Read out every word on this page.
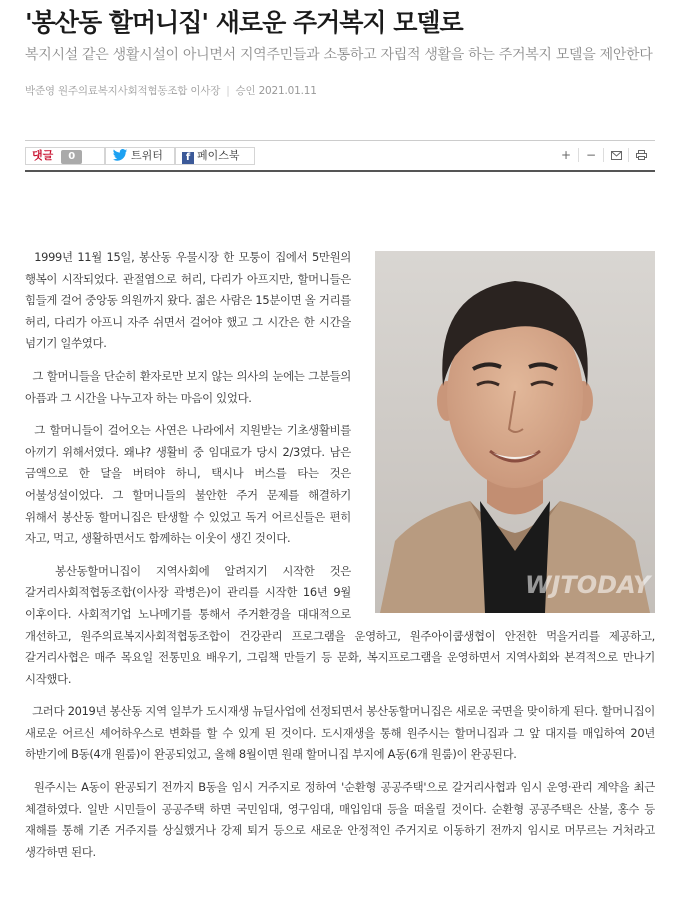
'봉산동 할머니집' 새로운 주거복지 모델로
복지시설 같은 생활시설이 아니면서 지역주민들과 소통하고 자립적 생활을 하는 주거복지 모델을 제안한다
박준영 원주의료복지사회적협동조합 이사장 | 승인 2021.01.11
댓글 0	트위터	f 페이스북	+ −
WJTODAY

1999년 11월 15일, 봉산동 우물시장 한 모퉁이 집에서 5만원의 행복이 시작되었다. 관절염으로 허리, 다리가 아프지만, 할머니들은 힘들게 걸어 중앙동 의원까지 왔다. 젊은 사람은 15분이면 올 거리를 허리, 다리가 아프니 자주 쉬면서 걸어야 했고 그 시간은 한 시간을 넘기기 일쑤였다.

그 할머니들을 단순히 환자로만 보지 않는 의사의 눈에는 그분들의 아픔과 그 시간을 나누고자 하는 마음이 있었다.

그 할머니들이 걸어오는 사연은 나라에서 지원받는 기초생활비를 아끼기 위해서였다. 왜냐? 생활비 중 임대료가 당시 2/3였다. 남은 금액으로 한 달을 버텨야 하니, 택시나 버스를 타는 것은 어불성설이었다. 그 할머니들의 불안한 주거 문제를 해결하기 위해서 봉산동 할머니집은 탄생할 수 있었고 독거 어르신들은 편히 자고, 먹고, 생활하면서도 함께하는 이웃이 생긴 것이다.

봉산동할머니집이 지역사회에 알려지기 시작한 것은 갈거리사회적협동조합(이사장 곽병은)이 관리를 시작한 16년 9월 이후이다. 사회적기업 노나메기를 통해서 주거환경을 대대적으로 개선하고, 원주의료복지사회적협동조합이 건강관리 프로그램을 운영하고, 원주아이쿱생협이 안전한 먹을거리를 제공하고, 갈거리사협은 매주 목요일 전통민요 배우기, 그림책 만들기 등 문화, 복지프로그램을 운영하면서 지역사회와 본격적으로 만나기 시작했다.

그러다 2019년 봉산동 지역 일부가 도시재생 뉴딜사업에 선정되면서 봉산동할머니집은 새로운 국면을 맞이하게 된다. 할머니집이 새로운 어르신 셰어하우스로 변화를 할 수 있게 된 것이다. 도시재생을 통해 원주시는 할머니집과 그 앞 대지를 매입하여 20년 하반기에 B동(4개 원룸)이 완공되었고, 올해 8월이면 원래 할머니집 부지에 A동(6개 원룸)이 완공된다.

원주시는 A동이 완공되기 전까지 B동을 임시 거주지로 정하여 '순환형 공공주택'으로 갈거리사협과 임시 운영·관리 계약을 최근 체결하였다. 일반 시민들이 공공주택 하면 국민임대, 영구임대, 매입임대 등을 떠올릴 것이다. 순환형 공공주택은 산불, 홍수 등 재해를 통해 기존 거주지를 상실했거나 강제 퇴거 등으로 새로운 안정적인 주거지로 이동하기 전까지 임시로 머무르는 거처라고 생각하면 된다.
